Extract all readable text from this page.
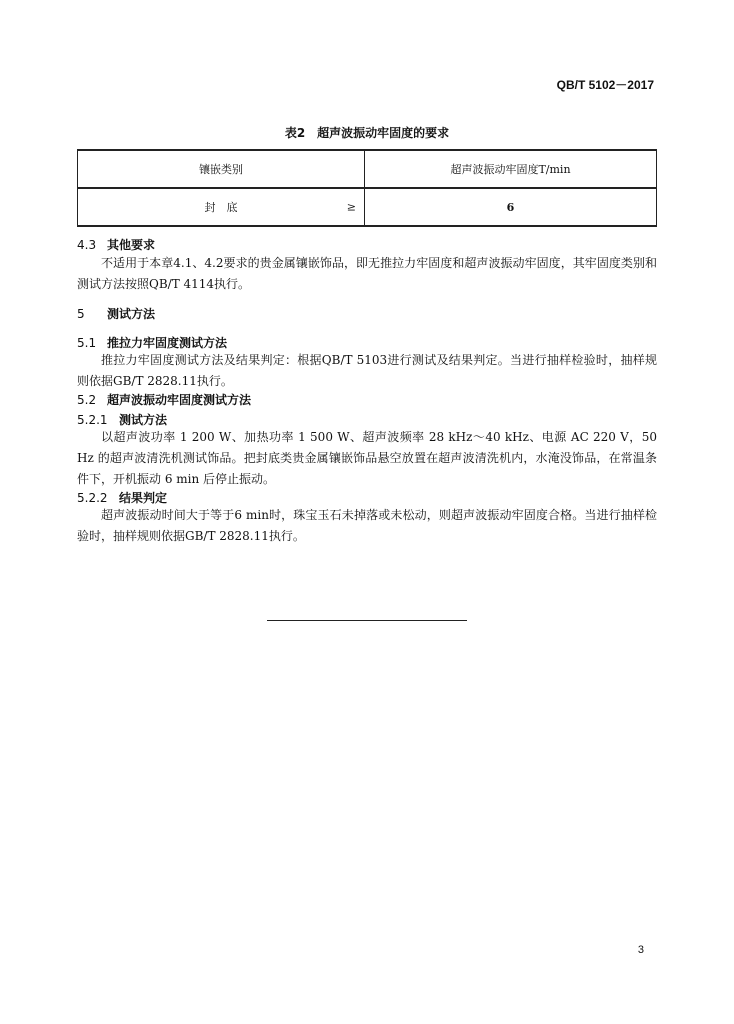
QB/T 5102－2017
表2　超声波振动牢固度的要求
镶嵌类别	超声波振动牢固度T/min
封　底 ≥	6
4.3 其他要求
不适用于本章4.1、4.2要求的贵金属镶嵌饰品，即无推拉力牢固度和超声波振动牢固度，其牢固度类别和测试方法按照QB/T 4114执行。
5 测试方法
5.1 推拉力牢固度测试方法
推拉力牢固度测试方法及结果判定：根据QB/T 5103进行测试及结果判定。当进行抽样检验时，抽样规则依据GB/T 2828.11执行。
5.2 超声波振动牢固度测试方法
5.2.1 测试方法
以超声波功率 1 200 W、加热功率 1 500 W、超声波频率 28 kHz～40 kHz、电源 AC 220 V，50 Hz 的超声波清洗机测试饰品。把封底类贵金属镶嵌饰品悬空放置在超声波清洗机内，水淹没饰品，在常温条件下，开机振动 6 min 后停止振动。
5.2.2 结果判定
超声波振动时间大于等于6 min时，珠宝玉石未掉落或未松动，则超声波振动牢固度合格。当进行抽样检验时，抽样规则依据GB/T 2828.11执行。
3
